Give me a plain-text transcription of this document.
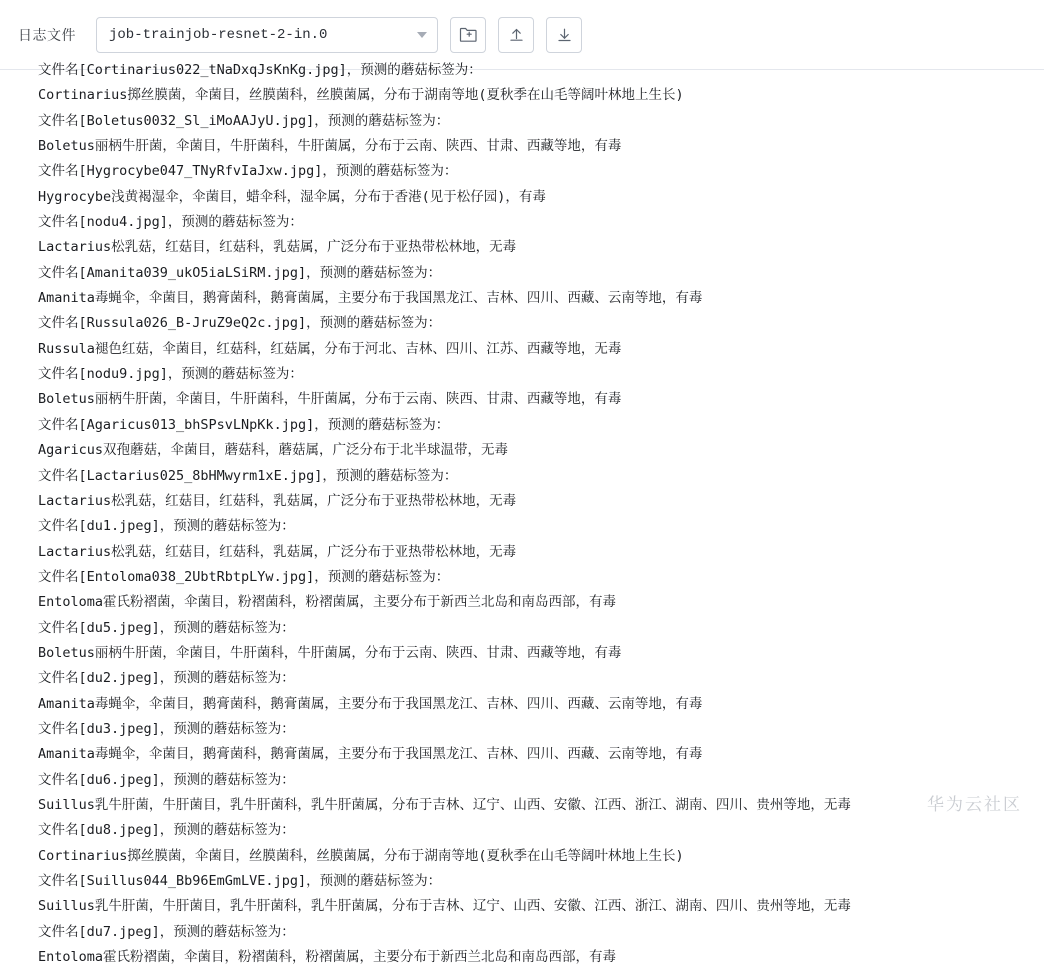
日志文件 job-trainjob-resnet-2-in.0
文件名[Cortinarius022_tNaDxqJsKnKg.jpg]，预测的蘑菇标签为：
Cortinarius掷丝膜菌，伞菌目，丝膜菌科，丝膜菌属，分布于湖南等地(夏秋季在山毛等阔叶林地上生长)
文件名[Boletus0032_Sl_iMoAAJyU.jpg]，预测的蘑菇标签为：
Boletus丽柄牛肝菌，伞菌目，牛肝菌科，牛肝菌属，分布于云南、陕西、甘肃、西藏等地，有毒
文件名[Hygrocybe047_TNyRfvIaJxw.jpg]，预测的蘑菇标签为：
Hygrocybe浅黄褐湿伞，伞菌目，蜡伞科，湿伞属，分布于香港(见于松仔园)，有毒
文件名[nodu4.jpg]，预测的蘑菇标签为：
Lactarius松乳菇，红菇目，红菇科，乳菇属，广泛分布于亚热带松林地，无毒
文件名[Amanita039_ukO5iaLSiRM.jpg]，预测的蘑菇标签为：
Amanita毒蝇伞，伞菌目，鹅膏菌科，鹅膏菌属，主要分布于我国黑龙江、吉林、四川、西藏、云南等地，有毒
文件名[Russula026_B-JruZ9eQ2c.jpg]，预测的蘑菇标签为：
Russula褪色红菇，伞菌目，红菇科，红菇属，分布于河北、吉林、四川、江苏、西藏等地，无毒
文件名[nodu9.jpg]，预测的蘑菇标签为：
Boletus丽柄牛肝菌，伞菌目，牛肝菌科，牛肝菌属，分布于云南、陕西、甘肃、西藏等地，有毒
文件名[Agaricus013_bhSPsvLNpKk.jpg]，预测的蘑菇标签为：
Agaricus双孢蘑菇，伞菌目，蘑菇科，蘑菇属，广泛分布于北半球温带，无毒
文件名[Lactarius025_8bHMwyrm1xE.jpg]，预测的蘑菇标签为：
Lactarius松乳菇，红菇目，红菇科，乳菇属，广泛分布于亚热带松林地，无毒
文件名[du1.jpeg]，预测的蘑菇标签为：
Lactarius松乳菇，红菇目，红菇科，乳菇属，广泛分布于亚热带松林地，无毒
文件名[Entoloma038_2UbtRbtpLYw.jpg]，预测的蘑菇标签为：
Entoloma霍氏粉褶菌，伞菌目，粉褶菌科，粉褶菌属，主要分布于新西兰北岛和南岛西部，有毒
文件名[du5.jpeg]，预测的蘑菇标签为：
Boletus丽柄牛肝菌，伞菌目，牛肝菌科，牛肝菌属，分布于云南、陕西、甘肃、西藏等地，有毒
文件名[du2.jpeg]，预测的蘑菇标签为：
Amanita毒蝇伞，伞菌目，鹅膏菌科，鹅膏菌属，主要分布于我国黑龙江、吉林、四川、西藏、云南等地，有毒
文件名[du3.jpeg]，预测的蘑菇标签为：
Amanita毒蝇伞，伞菌目，鹅膏菌科，鹅膏菌属，主要分布于我国黑龙江、吉林、四川、西藏、云南等地，有毒
文件名[du6.jpeg]，预测的蘑菇标签为：
Suillus乳牛肝菌，牛肝菌目，乳牛肝菌科，乳牛肝菌属，分布于吉林、辽宁、山西、安徽、江西、浙江、湖南、四川、贵州等地，无毒
文件名[du8.jpeg]，预测的蘑菇标签为：
Cortinarius掷丝膜菌，伞菌目，丝膜菌科，丝膜菌属，分布于湖南等地(夏秋季在山毛等阔叶林地上生长)
文件名[Suillus044_Bb96EmGmLVE.jpg]，预测的蘑菇标签为：
Suillus乳牛肝菌，牛肝菌目，乳牛肝菌科，乳牛肝菌属，分布于吉林、辽宁、山西、安徽、江西、浙江、湖南、四川、贵州等地，无毒
文件名[du7.jpeg]，预测的蘑菇标签为：
Entoloma霍氏粉褶菌，伞菌目，粉褶菌科，粉褶菌属，主要分布于新西兰北岛和南岛西部，有毒
华为云社区
